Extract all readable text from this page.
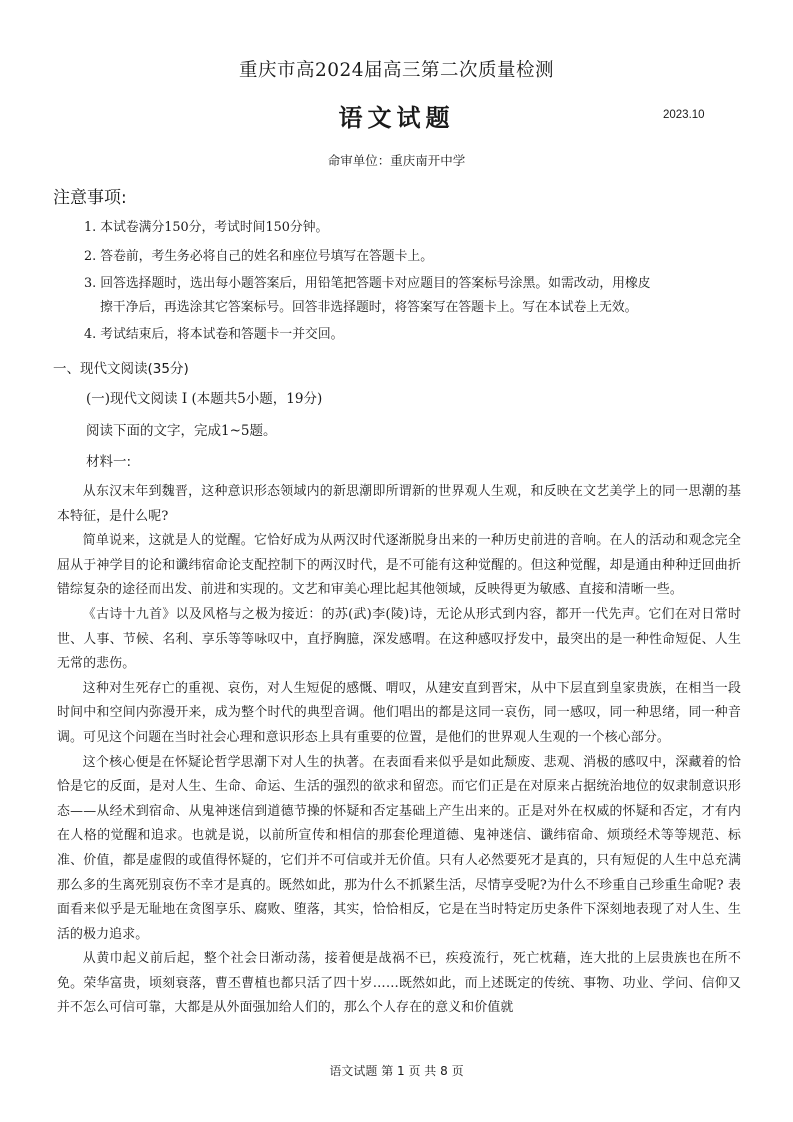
重庆市高2024届高三第二次质量检测
语文试题	2023.10
命审单位：重庆南开中学
注意事项:

1. 本试卷满分150分，考试时间150分钟。

2. 答卷前，考生务必将自己的姓名和座位号填写在答题卡上。

3. 回答选择题时，选出每小题答案后，用铅笔把答题卡对应题目的答案标号涂黑。如需改动，用橡皮
擦干净后，再选涂其它答案标号。回答非选择题时，将答案写在答题卡上。写在本试卷上无效。

4. 考试结束后，将本试卷和答题卡一并交回。

一、现代文阅读(35分)
(一)现代文阅读 I (本题共5小题，19分)
阅读下面的文字，完成1~5题。
材料一:

从东汉末年到魏晋，这种意识形态领域内的新思潮即所谓新的世界观人生观，和反映在文艺美学上的同一思潮的基本特征，是什么呢?

简单说来，这就是人的觉醒。它恰好成为从两汉时代逐渐脱身出来的一种历史前进的音响。在人的活动和观念完全屈从于神学目的论和谶纬宿命论支配控制下的两汉时代，是不可能有这种觉醒的。但这种觉醒，却是通由种种迂回曲折错综复杂的途径而出发、前进和实现的。文艺和审美心理比起其他领域，反映得更为敏感、直接和清晰一些。

《古诗十九首》以及风格与之极为接近：的苏(武)李(陵)诗，无论从形式到内容，都开一代先声。它们在对日常时世、人事、节候、名利、享乐等等咏叹中，直抒胸臆，深发感喟。在这种感叹抒发中，最突出的是一种性命短促、人生无常的悲伤。

这种对生死存亡的重视、哀伤，对人生短促的感慨、喟叹，从建安直到晋宋，从中下层直到皇家贵族，在相当一段时间中和空间内弥漫开来，成为整个时代的典型音调。他们唱出的都是这同一哀伤，同一感叹，同一种思绪，同一种音调。可见这个问题在当时社会心理和意识形态上具有重要的位置，是他们的世界观人生观的一个核心部分。

这个核心便是在怀疑论哲学思潮下对人生的执著。在表面看来似乎是如此颓废、悲观、消极的感叹中，深藏着的恰恰是它的反面，是对人生、生命、命运、生活的强烈的欲求和留恋。而它们正是在对原来占据统治地位的奴隶制意识形态——从经术到宿命、从鬼神迷信到道德节操的怀疑和否定基础上产生出来的。正是对外在权威的怀疑和否定，才有内在人格的觉醒和追求。也就是说，以前所宣传和相信的那套伦理道德、鬼神迷信、谶纬宿命、烦琐经术等等规范、标准、价值，都是虚假的或值得怀疑的，它们并不可信或并无价值。只有人必然要死才是真的，只有短促的人生中总充满那么多的生离死别哀伤不幸才是真的。既然如此，那为什么不抓紧生活，尽情享受呢?为什么不珍重自己珍重生命呢? 表面看来似乎是无耻地在贪图享乐、腐败、堕落，其实，恰恰相反，它是在当时特定历史条件下深刻地表现了对人生、生活的极力追求。

从黄巾起义前后起，整个社会日渐动荡，接着便是战祸不已，疾疫流行，死亡枕藉，连大批的上层贵族也在所不免。荣华富贵，顷刻衰落，曹丕曹植也都只活了四十岁……既然如此，而上述既定的传统、事物、功业、学问、信仰又并不怎么可信可靠，大都是从外面强加给人们的，那么个人存在的意义和价值就

语文试题 第 1 页 共 8 页
